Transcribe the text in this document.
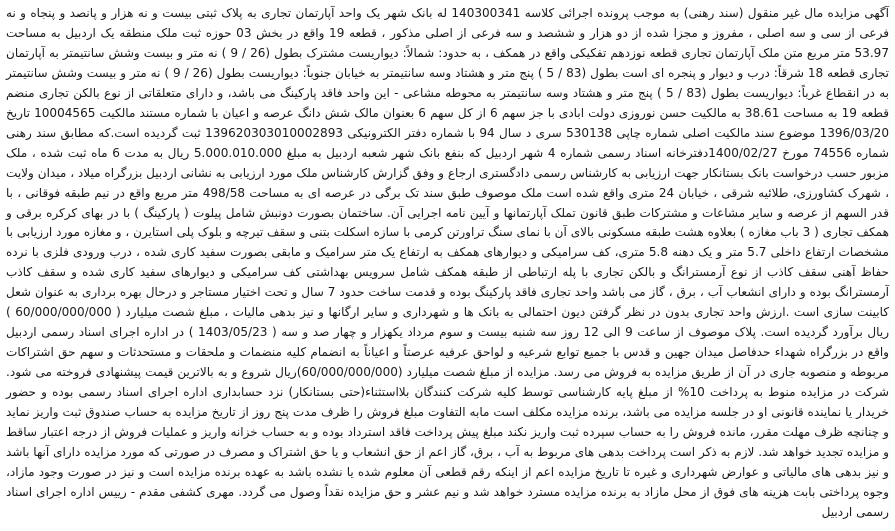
آگهی مزایده مال غیر منقول (سند رهنی) به موجب پرونده اجرائی کلاسه 140300341 له بانک شهر یک واحد آپارتمان تجاری به پلاک ثبتی بیست و نه هزار و پانصد و پنجاه و نه فرعی از سی و سه اصلی ، مفروز و مجزا شده از دو هزار و ششصد و سه فرعی از اصلی مذکور ، قطعه 19 واقع در بخش 03 حوزه ثبت ملک منطقه یک اردبیل به مساحت 53.97 متر مربع متن ملک آپارتمان تجاری قطعه نوزدهم تفکیکی واقع در همکف ، به حدود: شمالاً: دیواریست مشترک بطول (26 / 9 ) نه متر و بیست وشش سانتیمتر به آپارتمان تجاری قطعه 18 شرقاً: درب و دیوار و پنجره ای است بطول (83 / 5 ) پنج متر و هشتاد وسه سانتیمتر به خیابان جنوباً: دیواریست بطول (26 / 9 ) نه متر و بیست وشش سانتیمتر به در انقطاع غرباً: دیواریست بطول (83 / 5 ) پنج متر و هشتاد وسه سانتیمتر به محوطه مشاعی - این واحد فاقد پارکینگ می باشد، و دارای متعلقاتی از نوع بالکن تجاری منضم قطعه 19 به مساحت 38.61 به مالکیت حسن نوروزی دولت ابادی با جز سهم 6 از کل سهم 6 بعنوان مالک شش دانگ عرصه و اعیان با شماره مستند مالکیت 10004565 تاریخ 1396/03/20 موضوع سند مالکیت اصلی شماره چاپی 530138 سری د سال 94 با شماره دفتر الکترونیکی 139620303010002893 ثبت گردیده است.که مطابق سند رهنی شماره 74556 مورخ 1400/02/27دفترخانه اسناد رسمی شماره 4 شهر اردبیل که بنفع بانک شهر شعبه اردبیل به مبلغ 5.000.010.000 ریال به مدت 6 ماه ثبت شده ، ملک مزبور حسب درخواست بانک بستانکار جهت ارزیابی به کارشناس رسمی دادگستری ارجاع و وفق گزارش کارشناس ملک مورد ارزیابی به نشانی اردبیل بزرگراه میلاد ، میدان ولایت ، شهرک کشاورزی، طلائیه شرقی ، خیابان 24 متری واقع شده است ملک موصوف طبق سند تک برگی در عرصه ای به مساحت 498/58 متر مربع واقع در نیم طبقه فوقانی ، با قدر السهم از عرصه و سایر مشاعات و مشترکات طبق قانون تملک آپارتمانها و آیین نامه اجرایی آن. ساختمان بصورت دونبش شامل پیلوت ( پارکینگ ) با در بهای کرکره برقی و همکف تجاری ( 3 باب مغازه ) بعلاوه هشت طبقه مسکونی بالای آن با نمای سنگ تراورتن کرمی با سازه اسکلت بتنی و سقف تیرچه و بلوک پلی استایرن ، و مغازه مورد ارزیابی با مشخصات ارتفاع داخلی 5.7 متر و یک دهنه 5.8 متری، کف سرامیکی و دیوارهای همکف به ارتفاع یک متر سرامیک و مابقی بصورت سفید کاری شده ، درب ورودی فلزی با نرده حفاظ آهنی سقف کاذب از نوع آرمسترانگ و بالکن تجاری با پله ارتباطی از طبقه همکف شامل سرویس بهداشتی کف سرامیکی و دیوارهای سفید کاری شده و سقف کاذب آرمسترانگ بوده و دارای انشعاب آب ، برق ، گاز می باشد واحد تجاری فاقد پارکینگ بوده و قدمت ساخت حدود 7 سال و تحت اختیار مستاجر و درحال بهره برداری به عنوان شعل کابینت سازی است .ارزش واحد تجاری بدون در نظر گرفتن دیون احتمالی به بانک ها و شهرداری و سایر ارگانها و نیز بدهی مالیات ، مبلغ شصت میلیارد ( 60/000/000/000 ) ریال برآورد گردیده است. پلاک موصوف از ساعت 9 الی 12 روز سه شنبه بیست و سوم مرداد یکهزار و چهار صد و سه ( 1403/05/23 ) در اداره اجرای اسناد رسمی اردبیل واقع در بزرگراه شهداء حدفاصل میدان جهین و قدس با جمیع توابع شرعیه و لواحق عرفیه عرصتاً و اعیاناً به انضمام کلیه منضمات و ملحقات و مستحدثات و سهم حق اشتراکات مربوطه و منصوبه جاری در آن از طریق مزایده به فروش می رسد. مزایده از مبلغ شصت میلیارد (60/000/000/000)ریال شروع و به بالاترین قیمت پیشنهادی فروخته می شود. شرکت در مزایده منوط به پرداخت 10% از مبلغ پایه کارشناسی توسط کلیه شرکت کنندگان بلااستثناء(حتی بستانکار) نزد حسابداری اداره اجرای اسناد رسمی بوده و حضور خریدار یا نماینده قانونی او در جلسه مزایده می باشد، برنده مزایده مکلف است مابه التفاوت مبلغ فروش را ظرف مدت پنج روز از تاریخ مزایده به حساب صندوق ثبت واریز نماید و چنانچه ظرف مهلت مقرر، مانده فروش را به حساب سپرده ثبت واریز نکند مبلغ پیش پرداخت فاقد استرداد بوده و به حساب خزانه واریز و عملیات فروش از درجه اعتبار ساقط و مزایده تجدید خواهد شد. لازم به ذکر است پرداخت بدهی های مربوط به آب ، برق، گاز اعم از حق انشعاب و یا حق اشتراک و مصرف در صورتی که مورد مزایده دارای آنها باشد و نیز بدهی های مالیاتی و عوارض شهرداری و غیره تا تاریخ مزایده اعم از اینکه رقم قطعی آن معلوم شده یا نشده باشد به عهده برنده مزایده است و نیز در صورت وجود مازاد، وجوه پرداختی بابت هزینه های فوق از محل مازاد به برنده مزایده مسترد خواهد شد و نیم عشر و حق مزایده نقداً وصول می گردد. مهری کشفی مقدم - رییس اداره اجرای اسناد رسمی اردبیل
